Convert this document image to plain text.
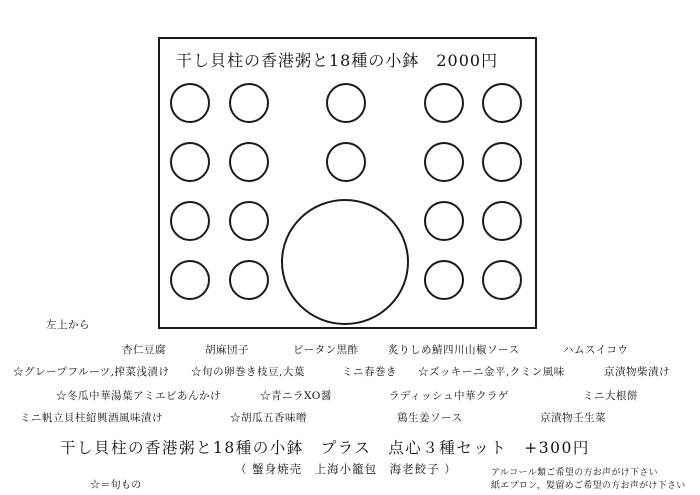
干し貝柱の香港粥と18種の小鉢　2000円
左上から
杏仁豆腐	胡麻団子	ピータン黒酢	炙りしめ鯖四川山椒ソース	ハムスイコウ
☆グレープフルーツ,搾菜浅漬け ☆旬の卵巻き枝豆,大葉	ミニ春巻き ☆ズッキーニ金平,クミン風味	京漬物柴漬け
☆冬瓜中華湯葉アミエビあんかけ	☆青ニラXO醤	ラディッシュ中華クラゲ	ミニ大根餅
ミニ帆立貝柱紹興酒風味漬け	☆胡瓜五香味噌	鶏生姜ソース	京漬物壬生菜
干し貝柱の香港粥と18種の小鉢　プラス　点心３種セット　+300円
（ 蟹身焼売　上海小籠包　海老餃子 ）
☆＝旬もの
アルコール類ご希望の方お声がけ下さい
紙エプロン，髪留めご希望の方お声がけ下さい
